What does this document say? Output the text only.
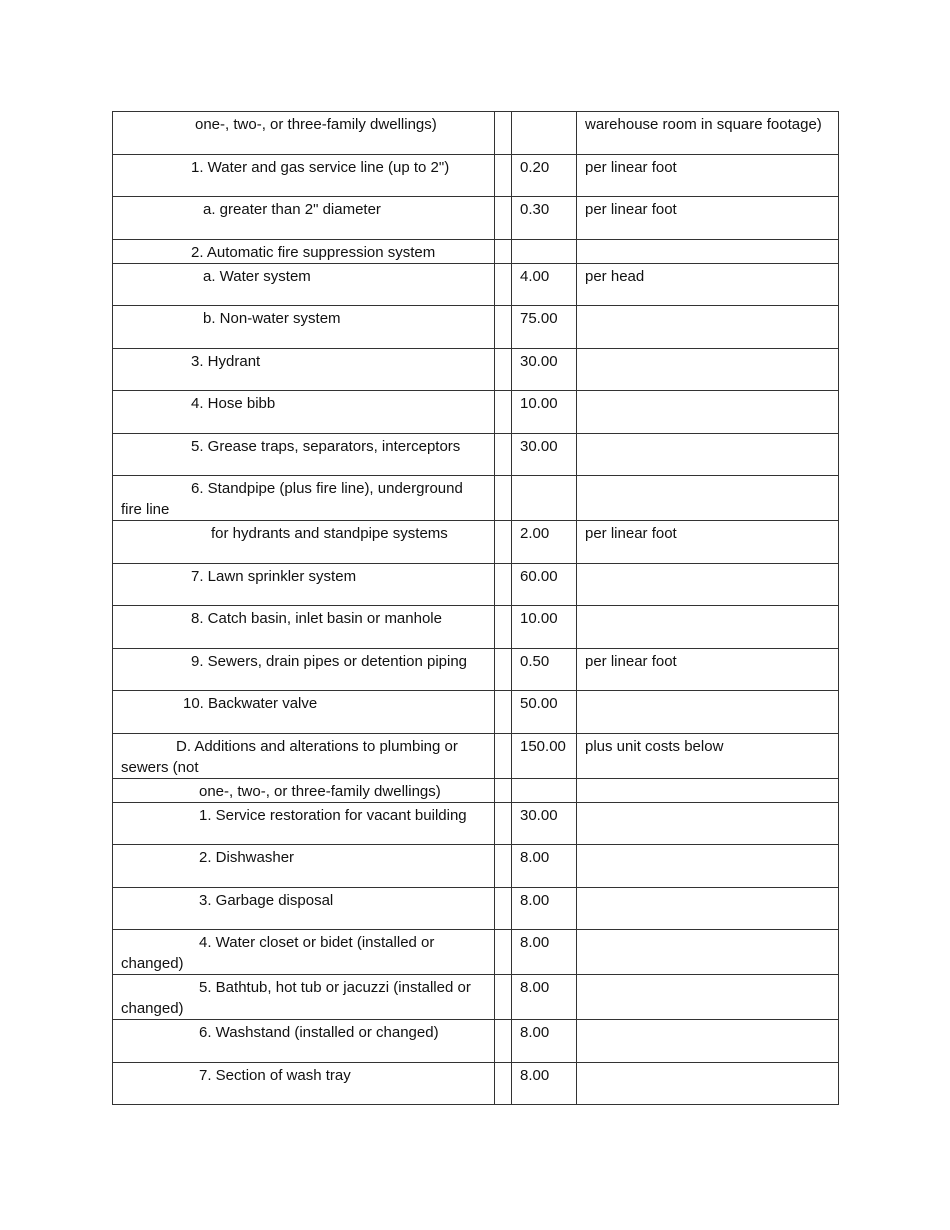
one-, two-, or three-family dwellings)			warehouse room in square footage)
1. Water and gas service line (up to 2")		0.20	per linear foot
a. greater than 2" diameter		0.30	per linear foot
2. Automatic fire suppression system			
a. Water system		4.00	per head
b. Non-water system		75.00	
3. Hydrant		30.00	
4. Hose bibb		10.00	
5. Grease traps, separators, interceptors		30.00	
6. Standpipe (plus fire line), underground fire line			
for hydrants and standpipe systems		2.00	per linear foot
7. Lawn sprinkler system		60.00	
8. Catch basin, inlet basin or manhole		10.00	
9. Sewers, drain pipes or detention piping		0.50	per linear foot
10. Backwater valve		50.00	
D. Additions and alterations to plumbing or sewers (not		150.00	plus unit costs below
one-, two-, or three-family dwellings)			
1. Service restoration for vacant building		30.00	
2. Dishwasher		8.00	
3. Garbage disposal		8.00	
4. Water closet or bidet (installed or changed)		8.00	
5. Bathtub, hot tub or jacuzzi (installed or changed)		8.00	
6. Washstand (installed or changed)		8.00	
7. Section of wash tray		8.00	
